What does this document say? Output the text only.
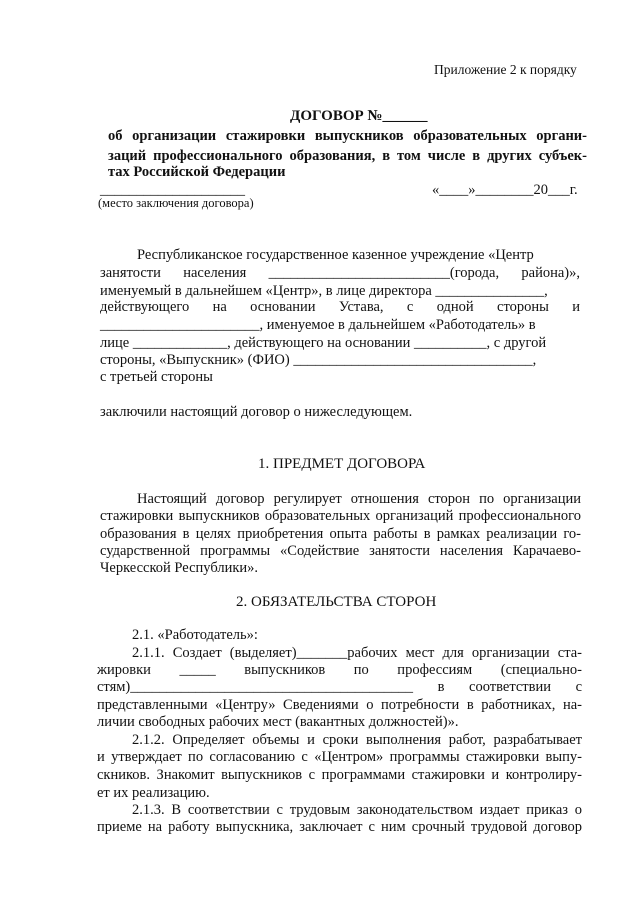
Приложение 2 к порядку
ДОГОВОР №______
об организации стажировки выпускников образовательных органи-
заций профессионального образования, в том числе в других субъек-
тах Российской Федерации
____________________	«____»________20___г.
(место заключения договора)
Республиканское государственное казенное учреждение «Центр
занятости населения _________________________(города, района)»,
именуемый в дальнейшем «Центр», в лице директора _______________,
действующего на основании Устава, с одной стороны и
______________________, именуемое в дальнейшем «Работодатель» в
лице _____________, действующего на основании __________, с другой
стороны, «Выпускник» (ФИО) _________________________________,
с третьей стороны
заключили настоящий договор о нижеследующем.
1. ПРЕДМЕТ ДОГОВОРА
Настоящий договор регулирует отношения сторон по организации
стажировки выпускников образовательных организаций профессионального
образования в целях приобретения опыта работы в рамках реализации го-
сударственной программы «Содействие занятости населения Карачаево-
Черкесской Республики».
2. ОБЯЗАТЕЛЬСТВА СТОРОН
2.1. «Работодатель»:
2.1.1. Создает (выделяет)_______рабочих мест для организации ста-
жировки _____ выпускников по профессиям (специально-
стям)_______________________________________ в соответствии с
представленными «Центру» Сведениями о потребности в работниках, на-
личии свободных рабочих мест (вакантных должностей)».
2.1.2. Определяет объемы и сроки выполнения работ, разрабатывает
и утверждает по согласованию с «Центром» программы стажировки выпу-
скников. Знакомит выпускников с программами стажировки и контролиру-
ет их реализацию.
2.1.3. В соответствии с трудовым законодательством издает приказ о
приеме на работу выпускника, заключает с ним срочный трудовой договор
